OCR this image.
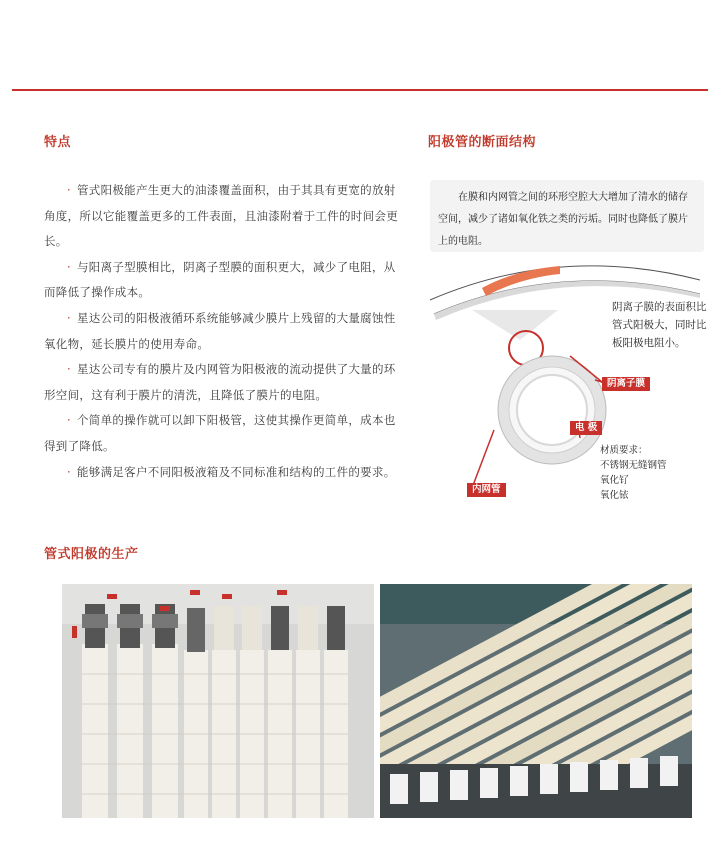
特点

· 管式阳极能产生更大的油漆覆盖面积，由于其具有更宽的放射角度，所以它能覆盖更多的工件表面，且油漆附着于工件的时间会更长。

· 与阳离子型膜相比，阴离子型膜的面积更大，减少了电阻，从而降低了操作成本。

· 星达公司的阳极液循环系统能够减少膜片上残留的大量腐蚀性氧化物，延长膜片的使用寿命。

· 星达公司专有的膜片及内网管为阳极液的流动提供了大量的环形空间，这有利于膜片的清洗，且降低了膜片的电阻。

· 个简单的操作就可以卸下阳极管，这使其操作更简单，成本也得到了降低。

· 能够满足客户不同阳极液箱及不同标准和结构的工件的要求。

阳极管的断面结构
在膜和内网管之间的环形空腔大大增加了清水的储存空间，减少了诸如氧化铁之类的污垢。同时也降低了膜片上的电阻。
阴离子膜的表面积比管式阳极大，同时比板阳极电阻小。
阴离子膜
电 极
内网管
材质要求：
不锈钢无缝钢管
氧化钌
氧化铱
管式阳极的生产
